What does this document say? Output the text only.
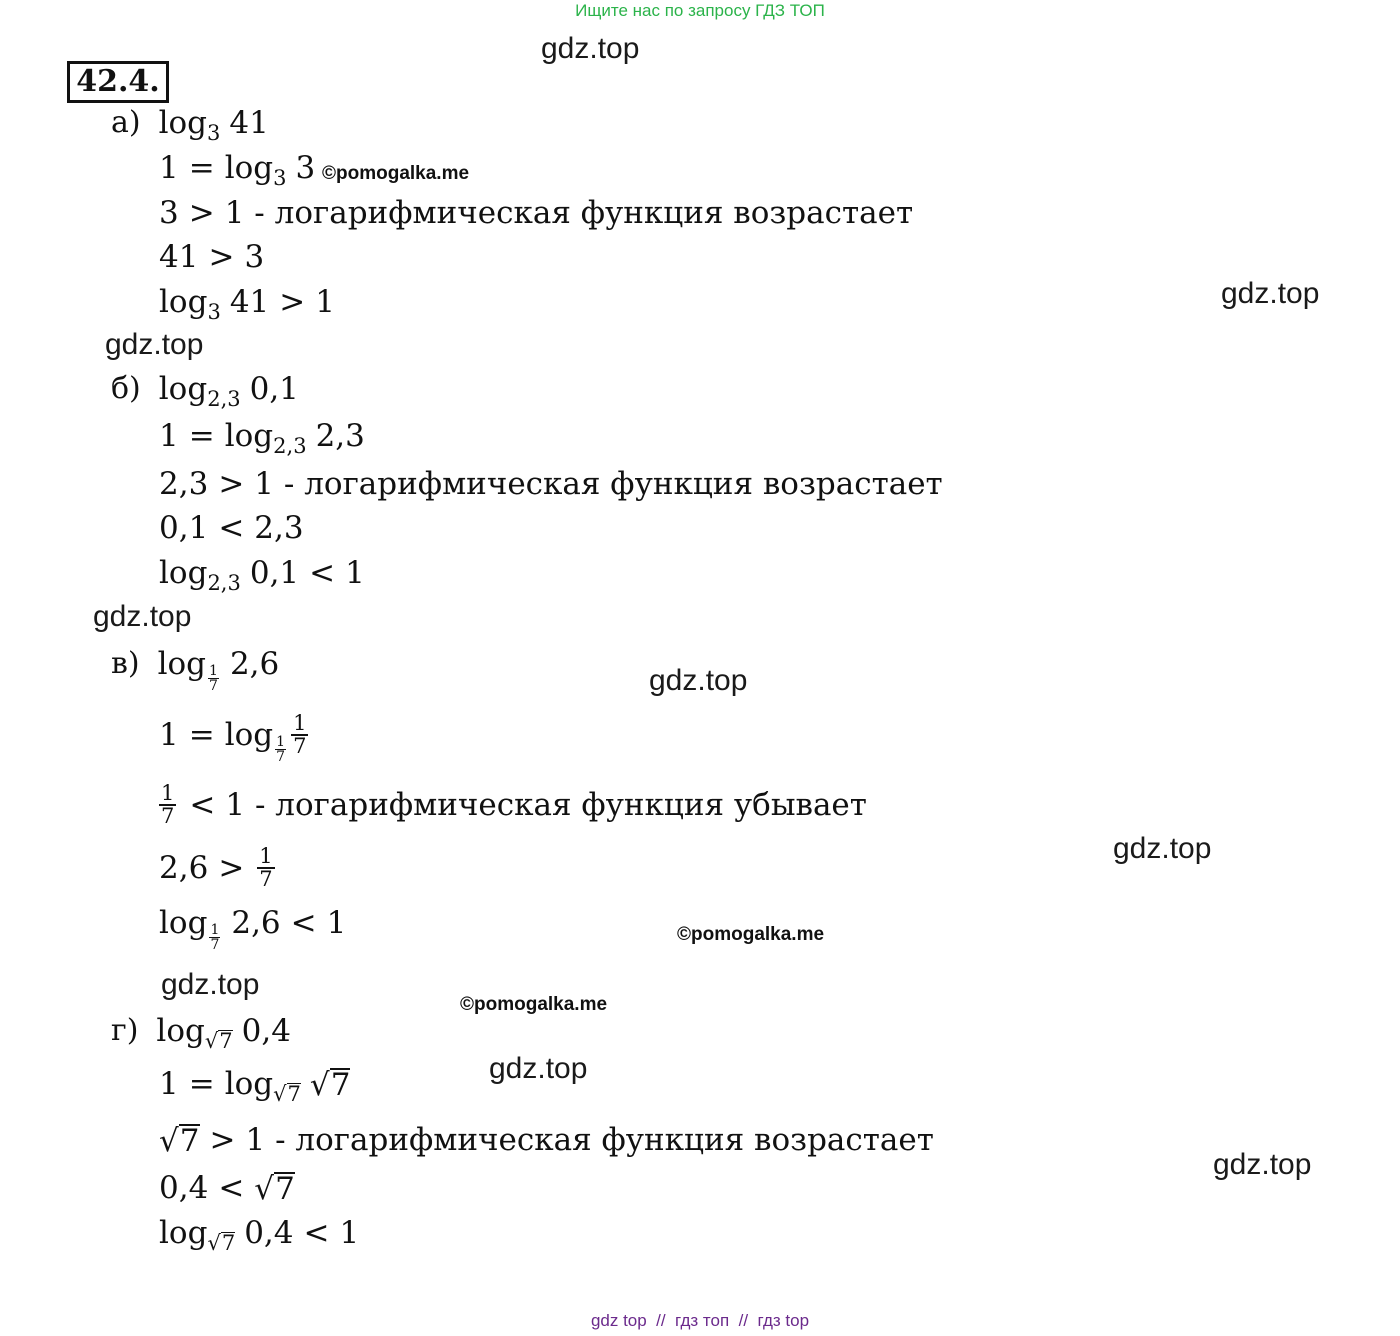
Ищите нас по запросу ГДЗ ТОП
gdz.top
42.4.
а) log 3 41
1 = log 3 3 ©pomogalka.me
3 > 1 - логарифмическая функция возрастает
41 > 3
log 3 41 > 1	gdz.top
gdz.top
б) log 2,3 0,1
1 = log 2,3 2,3
2,3 > 1 - логарифмическая функция возрастает
0,1 < 2,3
log 2,3 0,1 < 1
gdz.top
в) log 1
7
2,6	gdz.top
1 = log 1
$7 \frac{1}{7}$
$\frac{1}{7} < 1$ - логарифмическая функция убывает
gdz.top
$2,6 > \frac{1}{7}$
log 1
7
2,6 < 1	©pomogalka.me
gdz.top
©pomogalka.me
г) log √ 7 0,4
gdz.top
1 = log √ 7 √ 7
√ 7 > 1 - логарифмическая функция возрастает
gdz.top
0,4 < √ 7
log √ 7 0,4 < 1
gdz top  //  гдз топ  //  гдз top
